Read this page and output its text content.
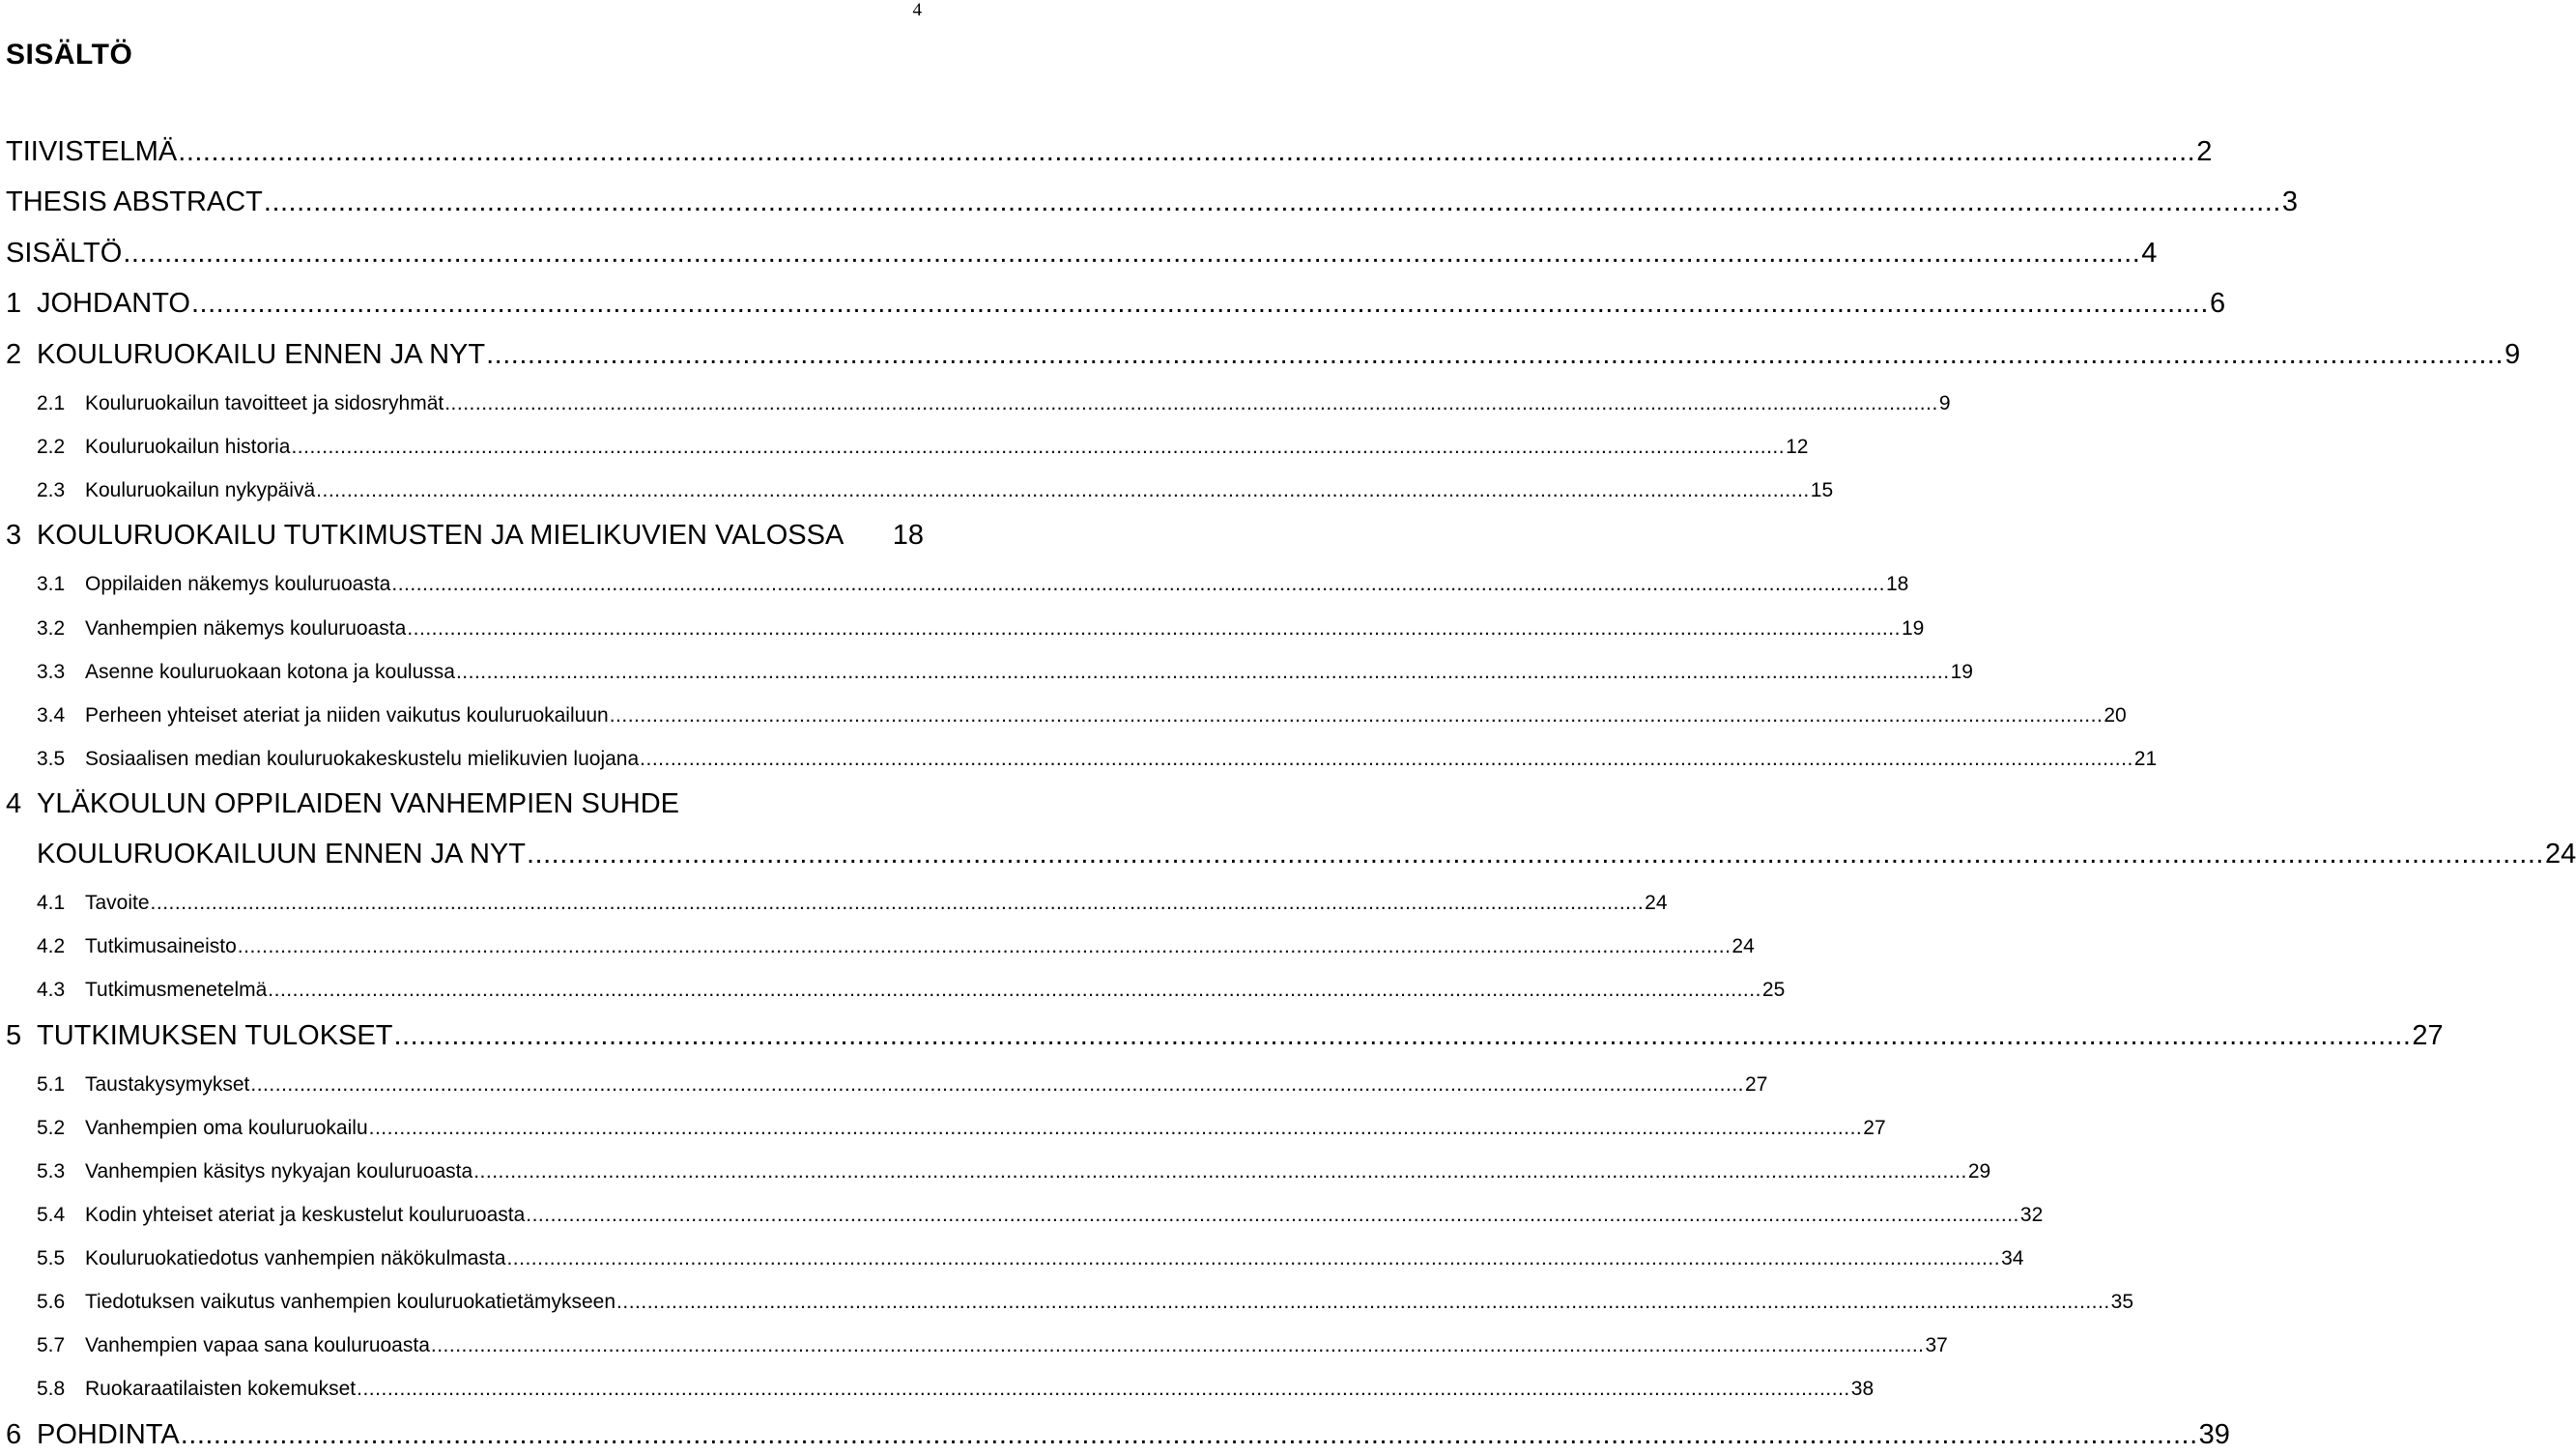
4
SISÄLTÖ
TIIVISTELMÄ .....	2
THESIS ABSTRACT .....	3
SISÄLTÖ .....	4
1 JOHDANTO .....	6
2 KOULURUOKAILU ENNEN JA NYT .....	9
2.1 Kouluruokailun tavoitteet ja sidosryhmät .....	9
2.2 Kouluruokailun historia .....	12
2.3 Kouluruokailun nykypäivä .....	15
3 KOULURUOKAILU TUTKIMUSTEN JA MIELIKUVIEN VALOSSA 18
3.1 Oppilaiden näkemys kouluruoasta .....	18
3.2 Vanhempien näkemys kouluruoasta .....	19
3.3 Asenne kouluruokaan kotona ja koulussa .....	19
3.4 Perheen yhteiset ateriat ja niiden vaikutus kouluruokailuun .....	20
3.5 Sosiaalisen median kouluruokakeskustelu mielikuvien luojana .....	21
4 YLÄKOULUN OPPILAIDEN VANHEMPIEN SUHDE
KOULURUOKAILUUN ENNEN JA NYT .....	24
4.1 Tavoite .....	24
4.2 Tutkimusaineisto .....	24
4.3 Tutkimusmenetelmä .....	25
5 TUTKIMUKSEN TULOKSET .....	27
5.1 Taustakysymykset .....	27
5.2 Vanhempien oma kouluruokailu .....	27
5.3 Vanhempien käsitys nykyajan kouluruoasta .....	29
5.4 Kodin yhteiset ateriat ja keskustelut kouluruoasta .....	32
5.5 Kouluruokatiedotus vanhempien näkökulmasta .....	34
5.6 Tiedotuksen vaikutus vanhempien kouluruokatietämykseen .....	35
5.7 Vanhempien vapaa sana kouluruoasta .....	37
5.8 Ruokaraatilaisten kokemukset .....	38
6 POHDINTA .....	39
